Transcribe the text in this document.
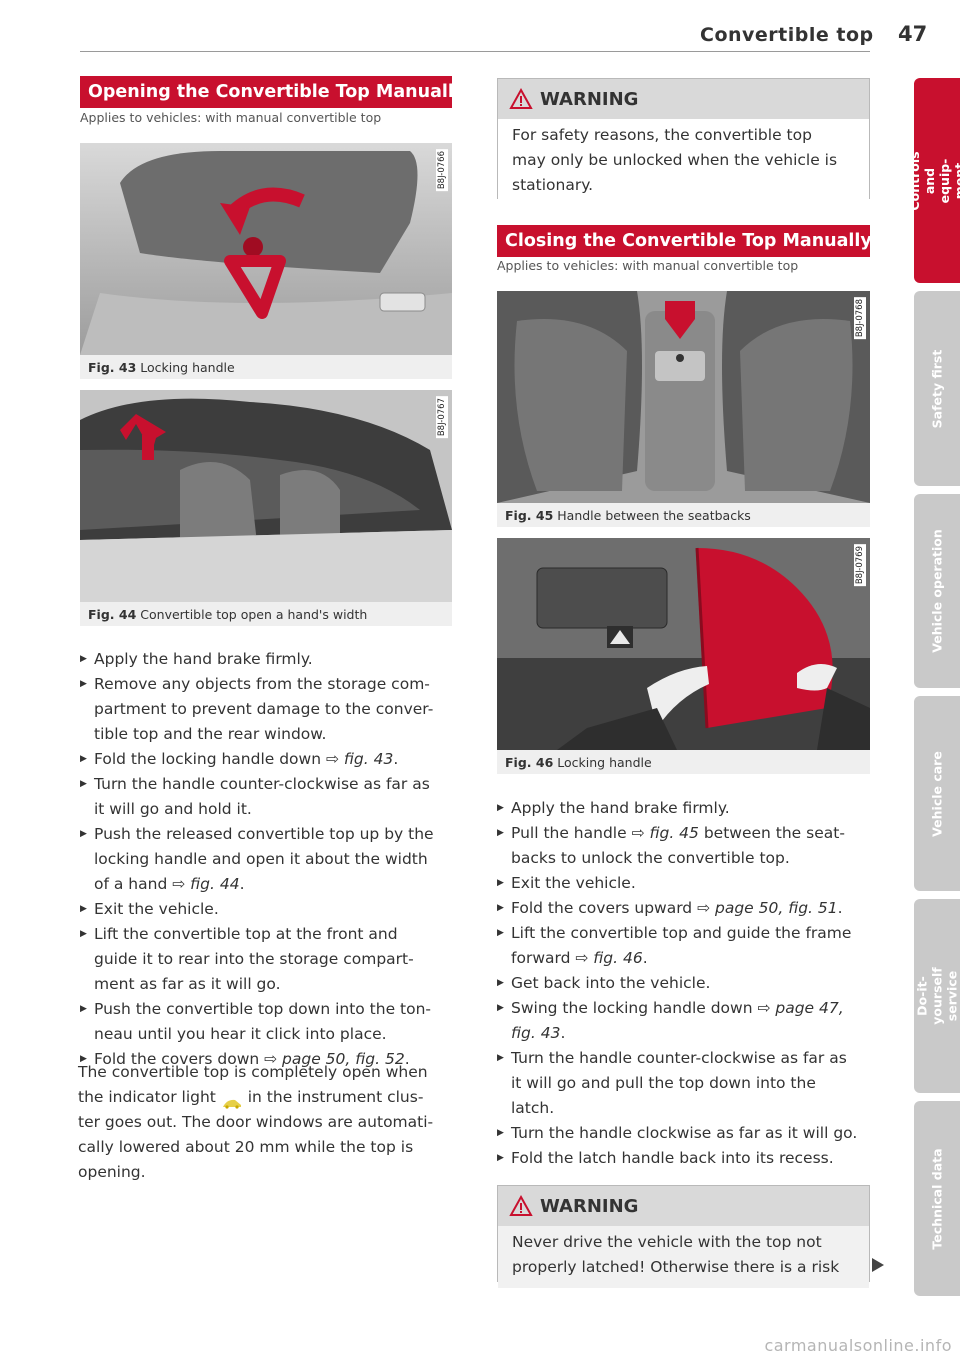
Convertible top 47
Opening the Convertible Top Manually
Applies to vehicles: with manual convertible top
B8J-0766
Fig. 43 Locking handle
B8J-0767
Fig. 44 Convertible top open a hand's width
▶ Apply the hand brake firmly.
▶ Remove any objects from the storage com-
partment to prevent damage to the conver-
tible top and the rear window.
▶ Fold the locking handle down ⇨ fig. 43.
▶ Turn the handle counter-clockwise as far as
it will go and hold it.
▶ Push the released convertible top up by the
locking handle and open it about the width
of a hand ⇨ fig. 44.
▶ Exit the vehicle.
▶ Lift the convertible top at the front and
guide it to rear into the storage compart-
ment as far as it will go.
▶ Push the convertible top down into the ton-
neau until you hear it click into place.
▶ Fold the covers down ⇨ page 50, fig. 52.
The convertible top is completely open when
the indicator light  in the instrument clus-
ter goes out. The door windows are automati-
cally lowered about 20 mm while the top is
opening.
WARNING
For safety reasons, the convertible top
may only be unlocked when the vehicle is
stationary.
Closing the Convertible Top Manually
Applies to vehicles: with manual convertible top
B8J-0768
Fig. 45 Handle between the seatbacks
B8J-0769
Fig. 46 Locking handle
▶ Apply the hand brake firmly.
▶ Pull the handle ⇨ fig. 45 between the seat-
backs to unlock the convertible top.
▶ Exit the vehicle.
▶ Fold the covers upward ⇨ page 50, fig. 51.
▶ Lift the convertible top and guide the frame
forward ⇨ fig. 46.
▶ Get back into the vehicle.
▶ Swing the locking handle down ⇨ page 47,
fig. 43.
▶ Turn the handle counter-clockwise as far as
it will go and pull the top down into the
latch.
▶ Turn the handle clockwise as far as it will go.
▶ Fold the latch handle back into its recess.
WARNING
Never drive the vehicle with the top not
properly latched! Otherwise there is a risk
Controls and equip-
ment
Safety first
Vehicle operation
Vehicle care
Do-it-yourself
service
Technical data
carmanualsonline.info
